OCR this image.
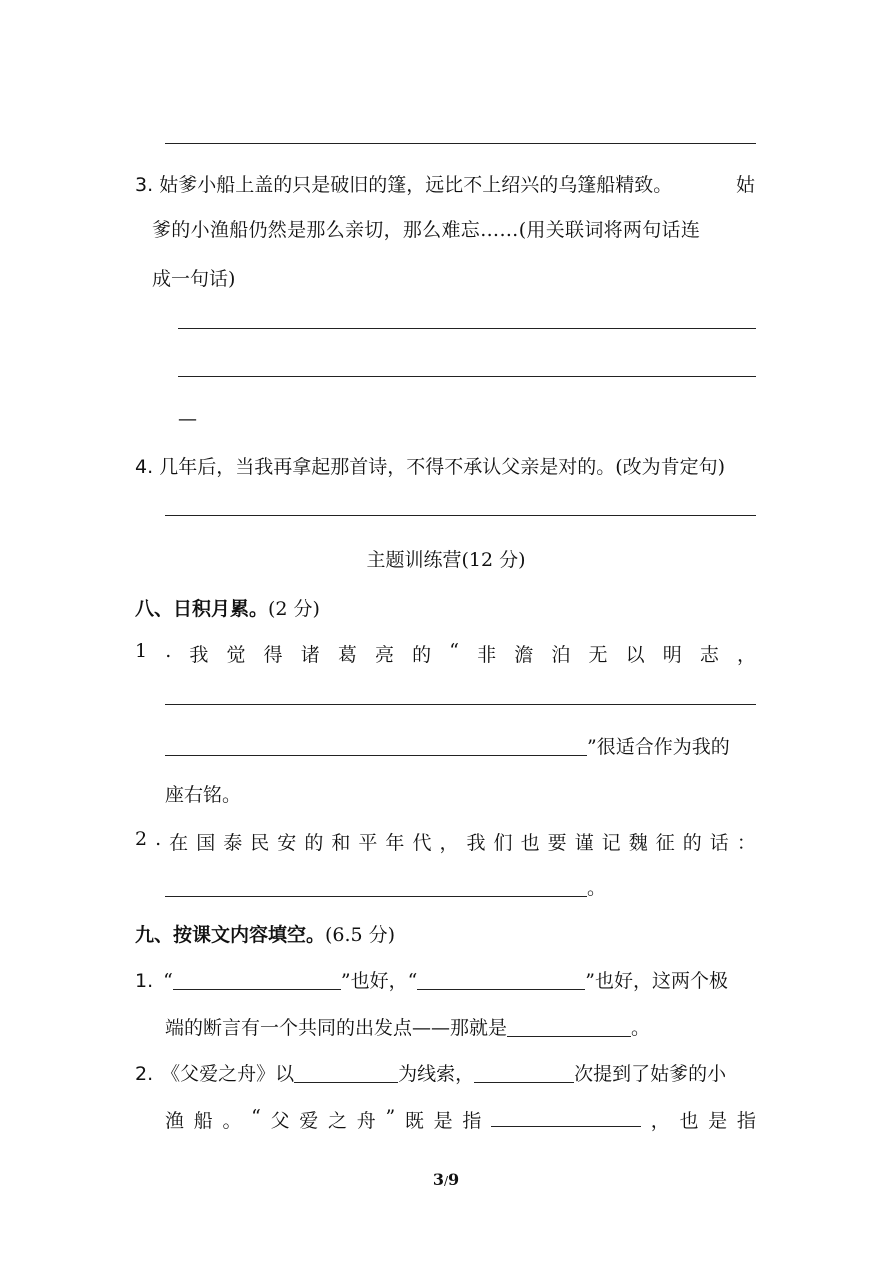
3. 姑爹小船上盖的只是破旧的篷，远比不上绍兴的乌篷船精致。	姑
爹的小渔船仍然是那么亲切，那么难忘……(用关联词将两句话连
成一句话)
—
4. 几年后，当我再拿起那首诗，不得不承认父亲是对的。(改为肯定句)
主题训练营(12 分)
八、日积月累。(2 分)
1 . 我 觉 得 诸 葛 亮 的 “ 非 澹 泊 无 以 明 志 ，
”很适合作为我的
座右铭。
2 . 在 国 泰 民 安 的 和 平 年 代 ， 我 们 也 要 谨 记 魏 征 的 话 ：
。
九、按课文内容填空。(6.5 分)
1. “	”也好，“	”也好，这两个极
端的断言有一个共同的出发点——那就是	。
2. 《父爱之舟》以	为线索，	次提到了姑爹的小
渔 船 。 “ 父 爱 之 舟 ” 既 是 指	， 也 是 指
3/9
